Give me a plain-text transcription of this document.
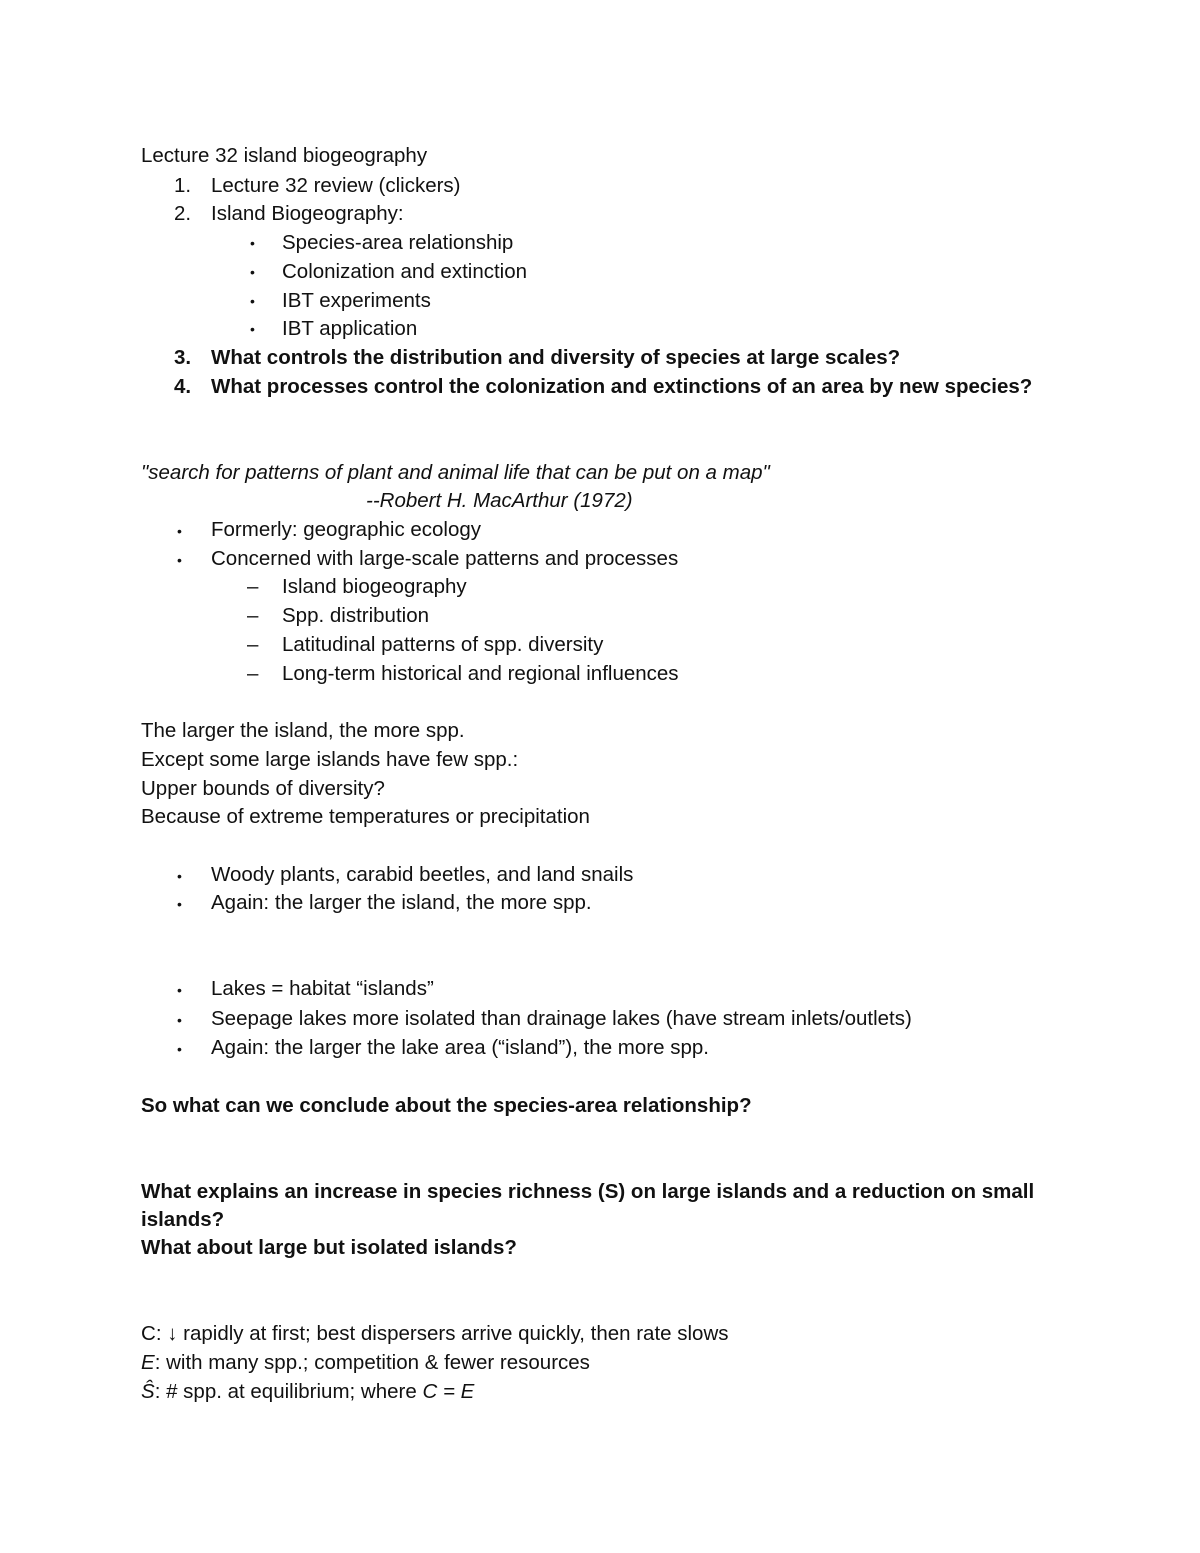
Lecture 32 island biogeography
1. Lecture 32 review (clickers)
2. Island Biogeography:
• Species-area relationship
• Colonization and extinction
• IBT experiments
• IBT application
3. What controls the distribution and diversity of species at large scales?
4. What processes control the colonization and extinctions of an area by new species?
"search for patterns of plant and animal life that can be put on a map"
--Robert H. MacArthur (1972)
• Formerly: geographic ecology
• Concerned with large-scale patterns and processes
– Island biogeography
– Spp. distribution
– Latitudinal patterns of spp. diversity
– Long-term historical and regional influences
The larger the island, the more spp.
Except some large islands have few spp.:
Upper bounds of diversity?
Because of extreme temperatures or precipitation
• Woody plants, carabid beetles, and land snails
• Again: the larger the island, the more spp.
• Lakes = habitat “islands”
• Seepage lakes more isolated than drainage lakes (have stream inlets/outlets)
• Again: the larger the lake area (“island”), the more spp.
So what can we conclude about the species-area relationship?
What explains an increase in species richness (S) on large islands and a reduction on small
islands?
What about large but isolated islands?
C: ↓ rapidly at first; best dispersers arrive quickly, then rate slows
E: with many spp.; competition & fewer resources
Ŝ: # spp. at equilibrium; where C = E
